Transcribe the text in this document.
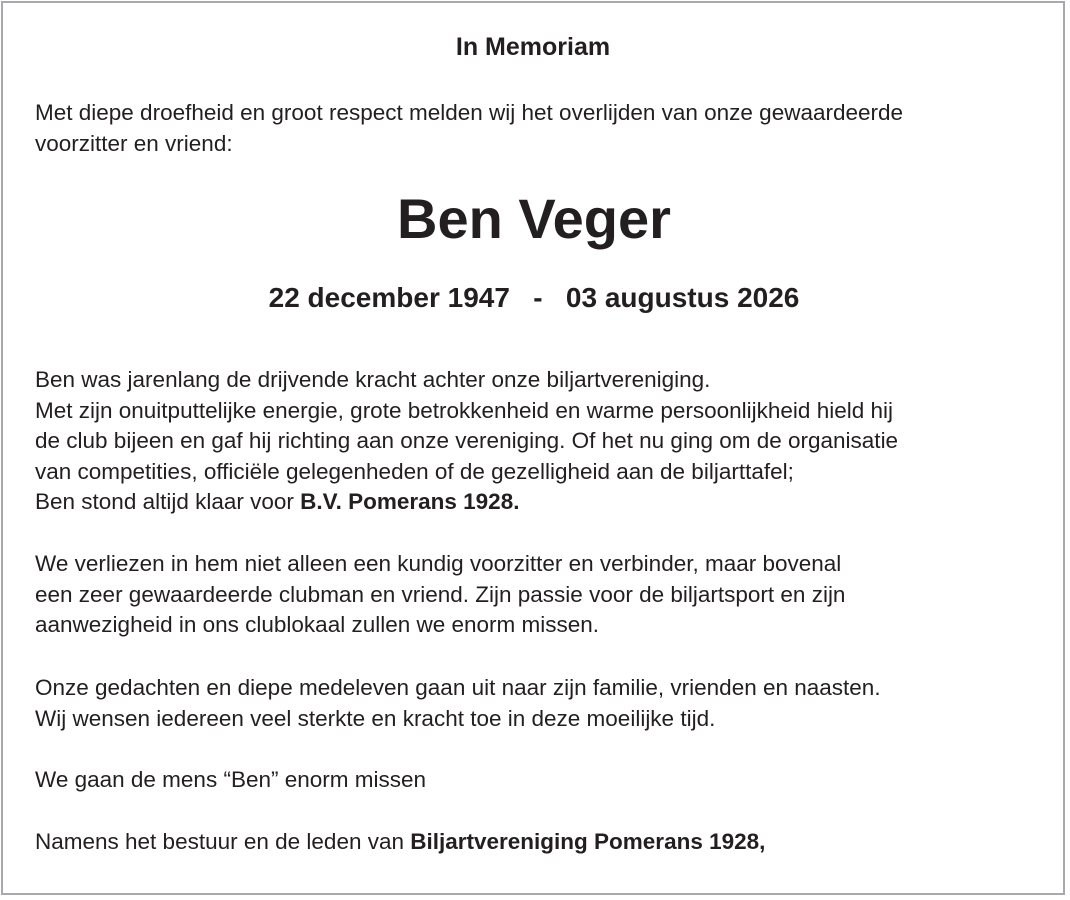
In Memoriam
Met diepe droefheid en groot respect melden wij het overlijden van onze gewaardeerde
voorzitter en vriend:
Ben Veger
22 december 1947 - 03 augustus 2026
Ben was jarenlang de drijvende kracht achter onze biljartvereniging.
Met zijn onuitputtelijke energie, grote betrokkenheid en warme persoonlijkheid hield hij
de club bijeen en gaf hij richting aan onze vereniging. Of het nu ging om de organisatie
van competities, officiële gelegenheden of de gezelligheid aan de biljarttafel;
Ben stond altijd klaar voor B.V. Pomerans 1928.
We verliezen in hem niet alleen een kundig voorzitter en verbinder, maar bovenal
een zeer gewaardeerde clubman en vriend. Zijn passie voor de biljartsport en zijn
aanwezigheid in ons clublokaal zullen we enorm missen.
Onze gedachten en diepe medeleven gaan uit naar zijn familie, vrienden en naasten.
Wij wensen iedereen veel sterkte en kracht toe in deze moeilijke tijd.
We gaan de mens “Ben” enorm missen
Namens het bestuur en de leden van Biljartvereniging Pomerans 1928,
